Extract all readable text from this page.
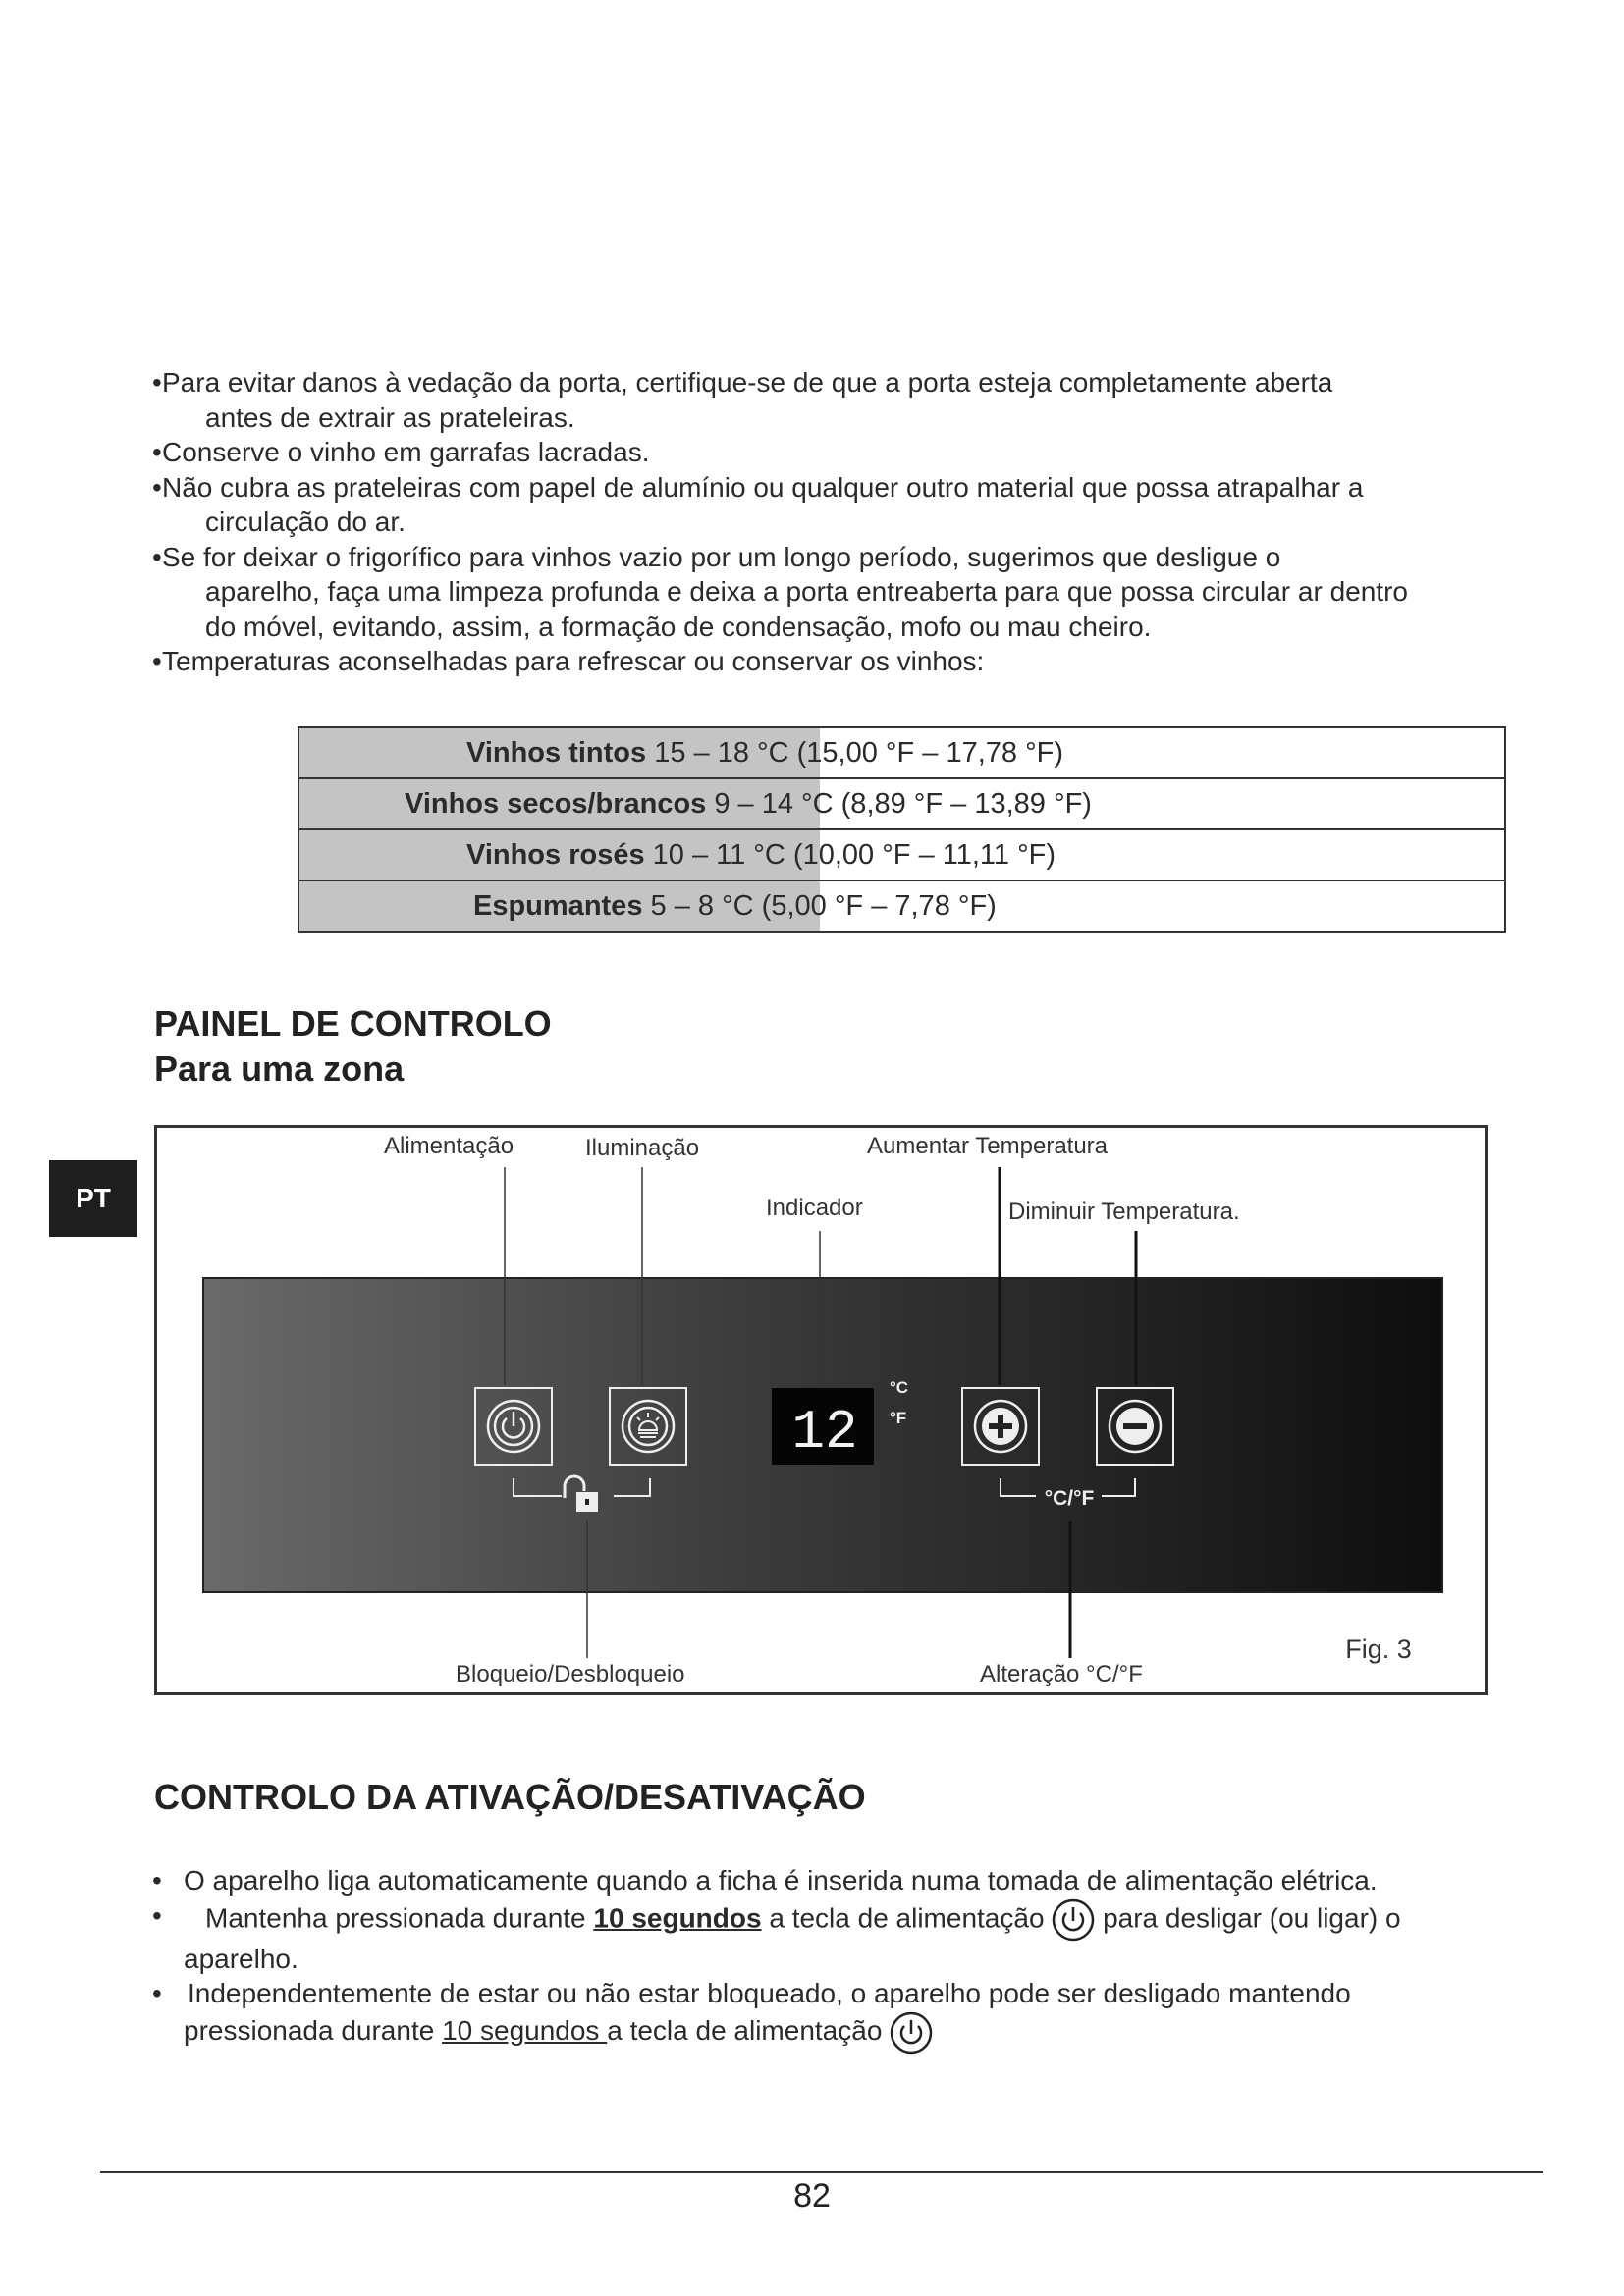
• Para evitar danos à vedação da porta, certifique-se de que a porta esteja completamente aberta
antes de extrair as prateleiras.
• Conserve o vinho em garrafas lacradas.
• Não cubra as prateleiras com papel de alumínio ou qualquer outro material que possa atrapalhar a
circulação do ar.
• Se for deixar o frigorífico para vinhos vazio por um longo período, sugerimos que desligue o
aparelho, faça uma limpeza profunda e deixa a porta entreaberta para que possa circular ar dentro
do móvel, evitando, assim, a formação de condensação, mofo ou mau cheiro.
• Temperaturas aconselhadas para refrescar ou conservar os vinhos:
Vinhos tintos 15 – 18 °C (15,00 °F – 17,78 °F)

Vinhos secos/brancos 9 – 14 °C (8,89 °F – 13,89 °F)

Vinhos rosés 10 – 11 °C (10,00 °F – 11,11 °F)

Espumantes 5 – 8 °C (5,00 °F – 7,78 °F)
PAINEL DE CONTROLO
Para uma zona
PT
Alimentação	Iluminação	Aumentar Temperatura
Indicador	Diminuir Temperatura.
12
°C
°F
°C/°F
Bloqueio/Desbloqueio	Alteração °C/°F
Fig. 3
CONTROLO DA ATIVAÇÃO/DESATIVAÇÃO
• O aparelho liga automaticamente quando a ficha é inserida numa tomada de alimentação elétrica.
• Mantenha pressionada durante 10 segundos a tecla de alimentação  para desligar (ou ligar) o
aparelho.
• Independentemente de estar ou não estar bloqueado, o aparelho pode ser desligado mantendo
pressionada durante 10 segundos a tecla de alimentação
82
